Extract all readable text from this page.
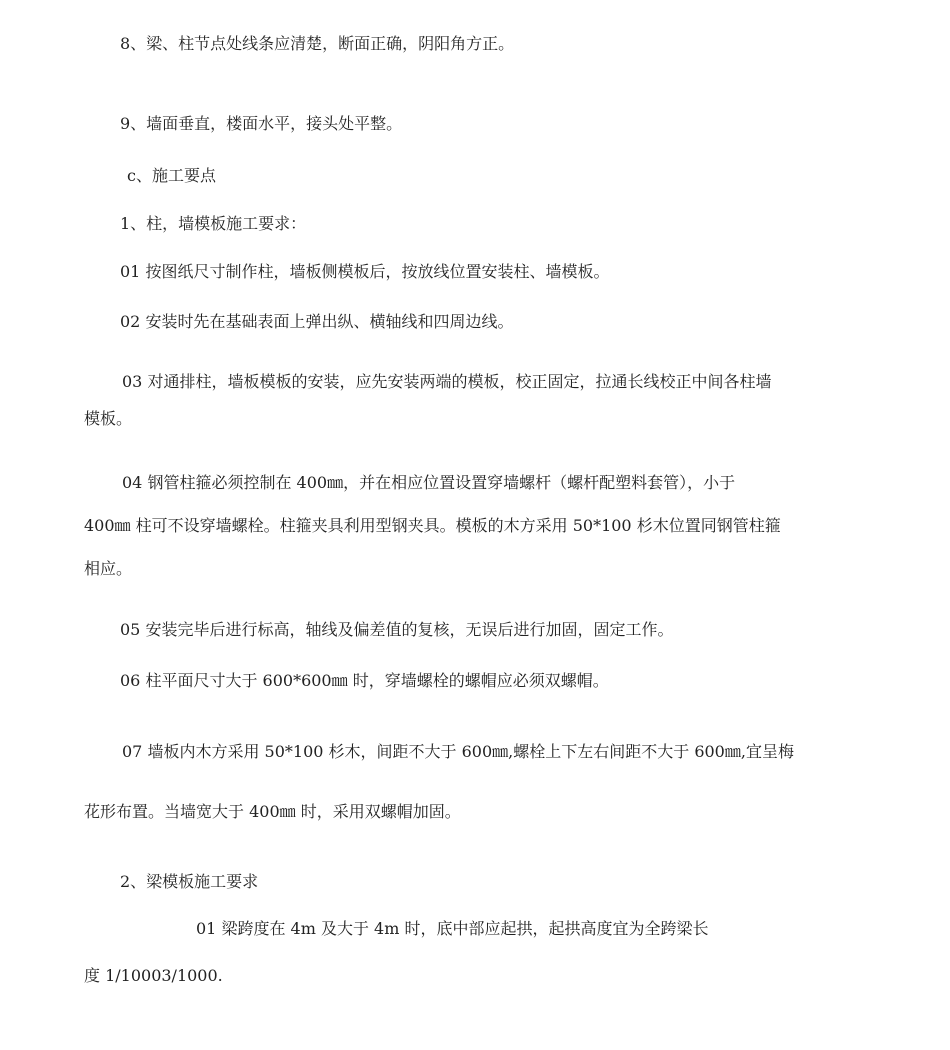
8、梁、柱节点处线条应清楚，断面正确，阴阳角方正。
9、墙面垂直，楼面水平，接头处平整。
c、施工要点
1、柱，墙模板施工要求：
01 按图纸尺寸制作柱，墙板侧模板后，按放线位置安装柱、墙模板。
02 安装时先在基础表面上弹出纵、横轴线和四周边线。
03 对通排柱，墙板模板的安装，应先安装两端的模板，校正固定，拉通长线校正中间各柱墙
模板。
04 钢管柱箍必须控制在 400㎜，并在相应位置设置穿墙螺杆（螺杆配塑料套管），小于
400㎜ 柱可不设穿墙螺栓。柱箍夹具利用型钢夹具。模板的木方采用 50*100 杉木位置同钢管柱箍
相应。
05 安装完毕后进行标高，轴线及偏差值的复核，无误后进行加固，固定工作。
06 柱平面尺寸大于 600*600㎜ 时，穿墙螺栓的螺帽应必须双螺帽。
07 墙板内木方采用 50*100 杉木，间距不大于 600㎜,螺栓上下左右间距不大于 600㎜,宜呈梅
花形布置。当墙宽大于 400㎜ 时，采用双螺帽加固。
2、梁模板施工要求
01 梁跨度在 4m 及大于 4m 时，底中部应起拱，起拱高度宜为全跨梁长
度 1/10003/1000.
